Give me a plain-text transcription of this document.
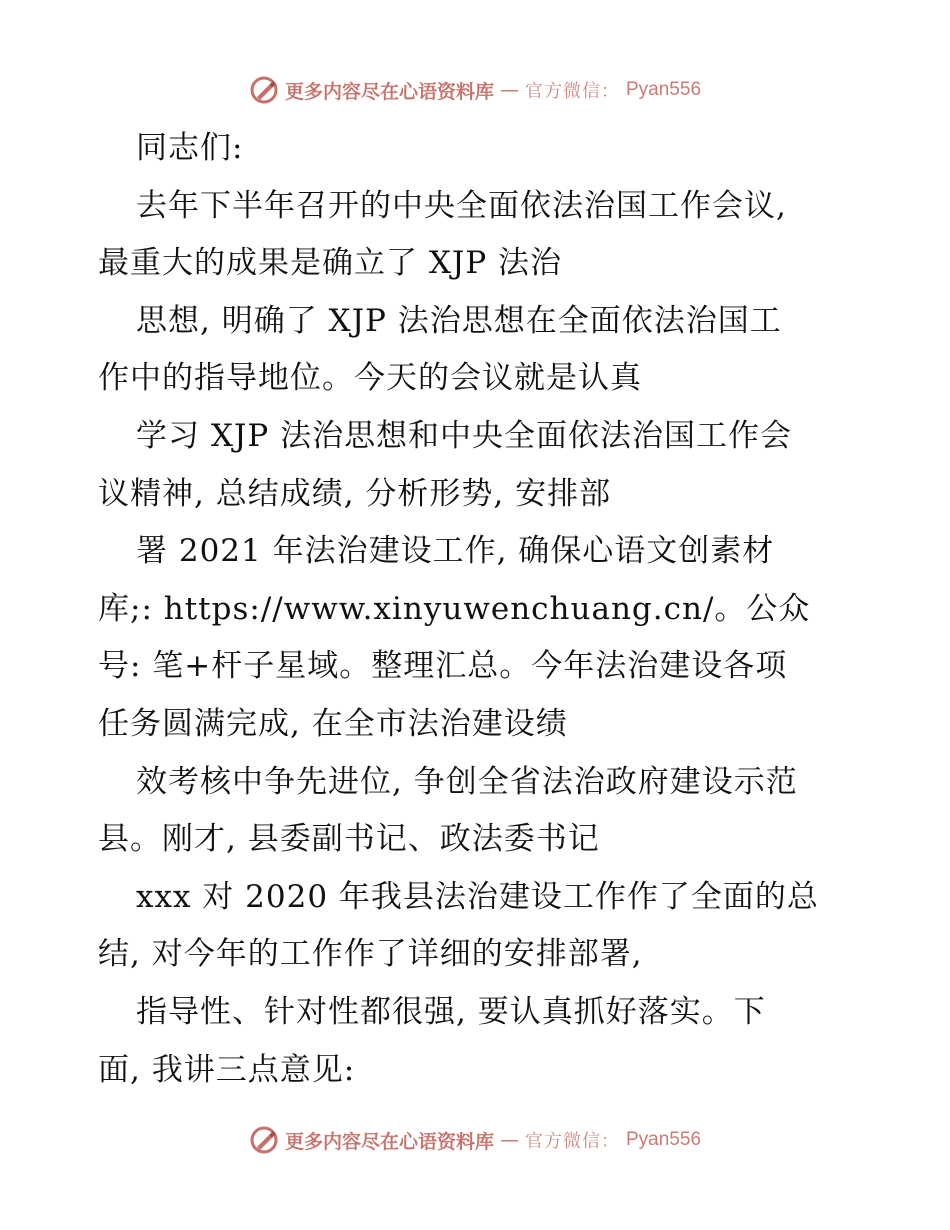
更多内容尽在心语资料库 — 官方微信： Pyan556
同志们:
去年下半年召开的中央全面依法治国工作会议,
最重大的成果是确立了 XJP 法治
思想, 明确了 XJP 法治思想在全面依法治国工
作中的指导地位。今天的会议就是认真
学习 XJP 法治思想和中央全面依法治国工作会
议精神, 总结成绩, 分析形势, 安排部
署 2021 年法治建设工作, 确保心语文创素材
库;: https://www.xinyuwenchuang.cn/。公众
号: 笔+杆子星域。整理汇总。今年法治建设各项
任务圆满完成, 在全市法治建设绩
效考核中争先进位, 争创全省法治政府建设示范
县。刚才, 县委副书记、政法委书记
xxx 对 2020 年我县法治建设工作作了全面的总
结, 对今年的工作作了详细的安排部署,
指导性、针对性都很强, 要认真抓好落实。下
面, 我讲三点意见:
更多内容尽在心语资料库 — 官方微信： Pyan556
